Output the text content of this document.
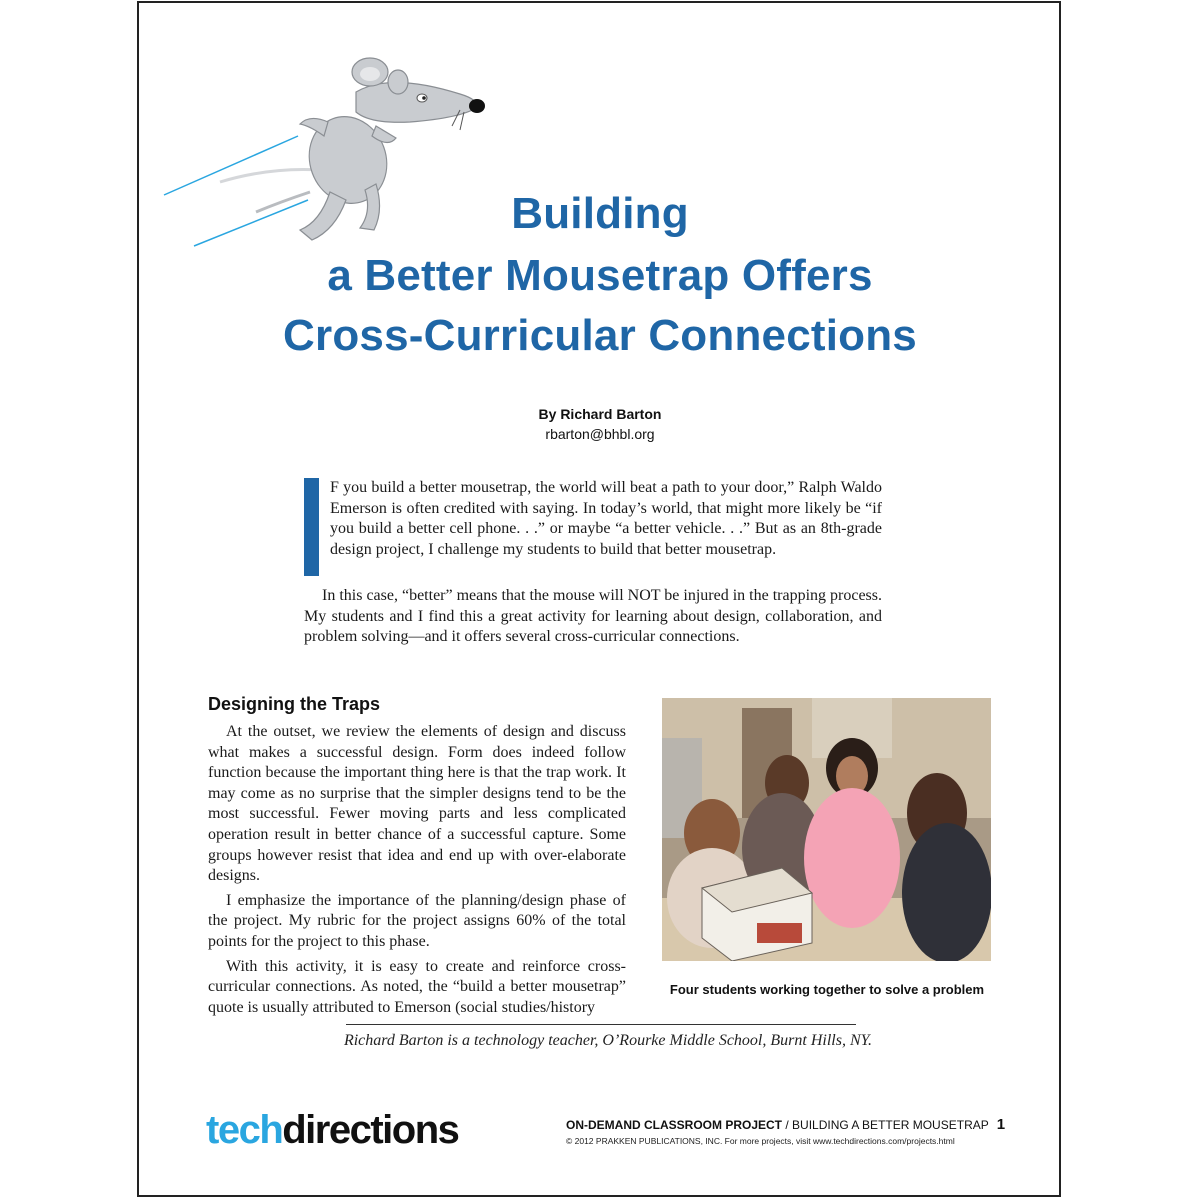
Building
a Better Mousetrap Offers
Cross-Curricular Connections
By Richard Barton
rbarton@bhbl.org

F you build a better mousetrap, the world will beat a path to your door,” Ralph Waldo Emerson is often credited with saying. In today’s world, that might more likely be “if you build a better cell phone. . .” or maybe “a better vehicle. . .” But as an 8th-grade design project, I challenge my students to build that better mousetrap.

In this case, “better” means that the mouse will NOT be injured in the trapping process. My students and I find this a great activity for learning about design, collaboration, and problem solving—and it offers several cross-curricular connections.

Designing the Traps

At the outset, we review the elements of design and discuss what makes a successful design. Form does indeed follow function because the important thing here is that the trap work. It may come as no surprise that the simpler designs tend to be the most successful. Fewer moving parts and less complicated operation result in better chance of a successful capture. Some groups however resist that idea and end up with over-elaborate designs.

I emphasize the importance of the planning/design phase of the project. My rubric for the project assigns 60% of the total points for the project to this phase.

With this activity, it is easy to create and reinforce cross-curricular connections. As noted, the “build a better mousetrap” quote is usually attributed to Emerson (social studies/history

Four students working together to solve a problem
Richard Barton is a technology teacher, O’Rourke Middle School, Burnt Hills, NY.
techdirections	ON-DEMAND CLASSROOM PROJECT / BUILDING A BETTER MOUSETRAP 1
© 2012 PRAKKEN PUBLICATIONS, INC. For more projects, visit www.techdirections.com/projects.html
